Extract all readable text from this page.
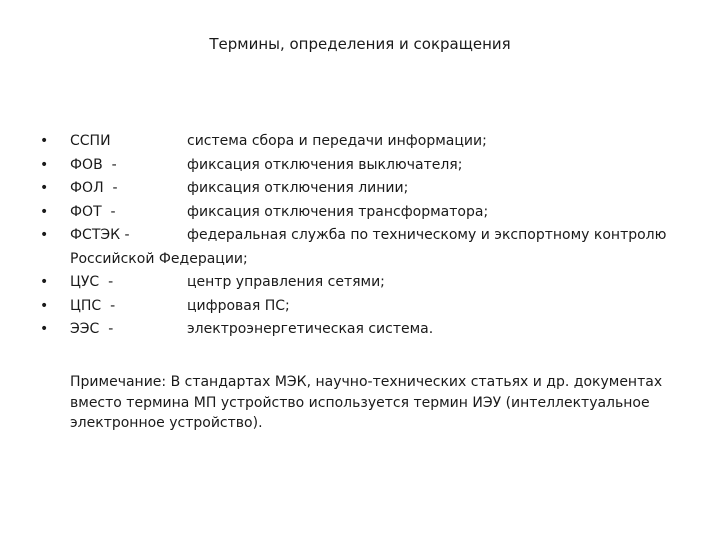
Термины, определения и сокращения
• ССПИ	система сбора и передачи информации;
• ФОВ  -	фиксация отключения выключателя;
• ФОЛ  -	фиксация отключения линии;
• ФОТ  -	фиксация отключения трансформатора;
• ФСТЭК -	федеральная служба по техническому и экспортному контролю Российской Федерации;
• ЦУС  -	центр управления сетями;
• ЦПС  -	цифровая ПС;
• ЭЭС  -	электроэнергетическая система.

Примечание: В стандартах МЭК, научно-технических статьях и др. документах вместо термина МП устройство используется термин ИЭУ (интеллектуальное электронное устройство).
